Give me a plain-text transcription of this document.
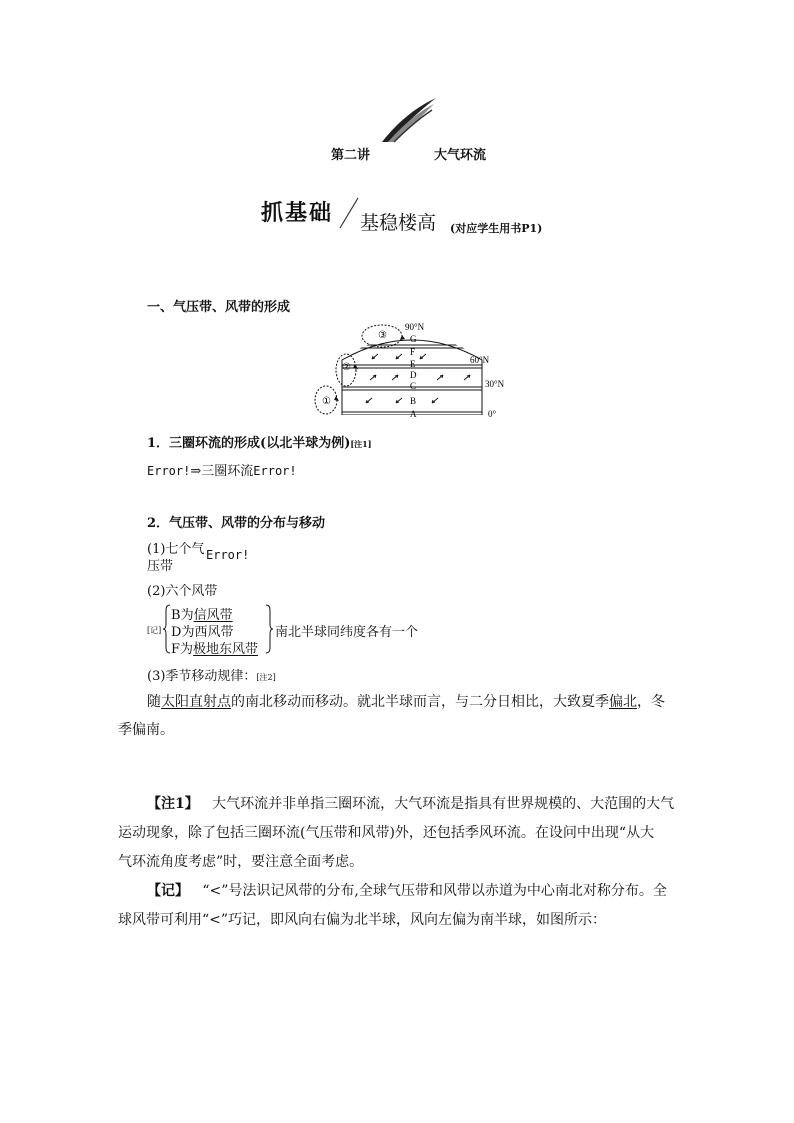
第二讲	大气环流
抓基础 基稳楼高 (对应学生用书P1)
一、气压带、风带的形成
③
②
①
G
F
E
D
C
B
A
90°N
60°N
30°N
0°
1．三圈环流的形成(以北半球为例)[注1]
Error!⇒三圈环流Error!
2．气压带、风带的分布与移动
(1)七个气
压带
Error!
(2)六个风带
[记]
B为信风带
D为西风带
F为极地东风带
南北半球同纬度各有一个
(3)季节移动规律：[注2]
随太阳直射点的南北移动而移动。就北半球而言，与二分日相比，大致夏季偏北，冬
季偏南。
【注1】 大气环流并非单指三圈环流，大气环流是指具有世界规模的、大范围的大气
运动现象，除了包括三圈环流(气压带和风带)外，还包括季风环流。在设问中出现“从大
气环流角度考虑”时，要注意全面考虑。
【记】 “<”号法识记风带的分布,全球气压带和风带以赤道为中心南北对称分布。全
球风带可利用“<”巧记，即风向右偏为北半球，风向左偏为南半球，如图所示：
